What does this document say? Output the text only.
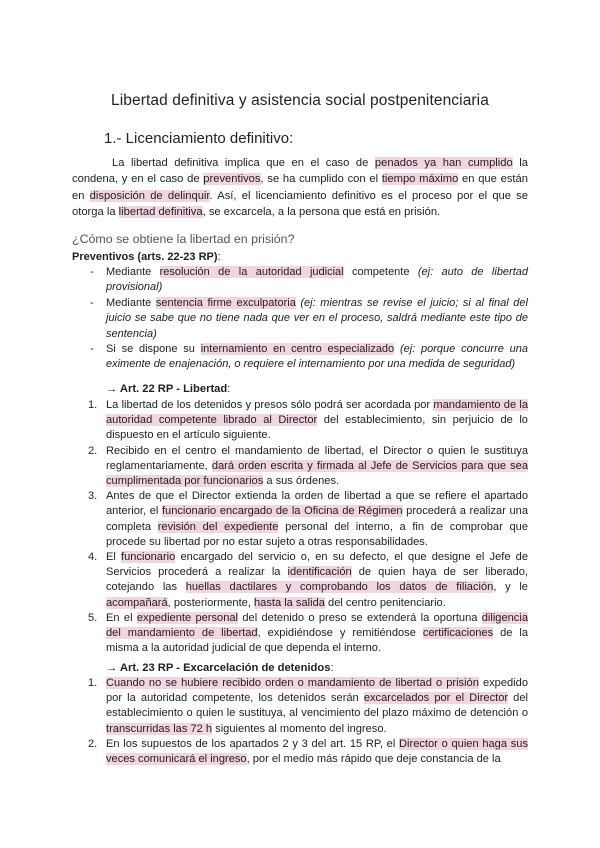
Libertad definitiva y asistencia social postpenitenciaria
1.- Licenciamiento definitivo:

La libertad definitiva implica que en el caso de penados ya han cumplido la condena, y en el caso de preventivos, se ha cumplido con el tiempo máximo en que están en disposición de delinquir. Así, el licenciamiento definitivo es el proceso por el que se otorga la libertad definitiva, se excarcela, a la persona que está en prisión.

¿Cómo se obtiene la libertad en prisión?
Preventivos (arts. 22-23 RP):
- Mediante resolución de la autoridad judicial competente (ej: auto de libertad provisional)
- Mediante sentencia firme exculpatoria (ej: mientras se revise el juicio; si al final del juicio se sabe que no tiene nada que ver en el proceso, saldrá mediante este tipo de sentencia)
- Si se dispone su internamiento en centro especializado (ej: porque concurre una eximente de enajenación, o requiere el internamiento por una medida de seguridad)
→ Art. 22 RP - Libertad:
1. La libertad de los detenidos y presos sólo podrá ser acordada por mandamiento de la autoridad competente librado al Director del establecimiento, sin perjuicio de lo dispuesto en el artículo siguiente.
2. Recibido en el centro el mandamiento de libertad, el Director o quien le sustituya reglamentariamente, dará orden escrita y firmada al Jefe de Servicios para que sea cumplimentada por funcionarios a sus órdenes.
3. Antes de que el Director extienda la orden de libertad a que se refiere el apartado anterior, el funcionario encargado de la Oficina de Régimen procederá a realizar una completa revisión del expediente personal del interno, a fin de comprobar que procede su libertad por no estar sujeto a otras responsabilidades.
4. El funcionario encargado del servicio o, en su defecto, el que designe el Jefe de Servicios procederá a realizar la identificación de quien haya de ser liberado, cotejando las huellas dactilares y comprobando los datos de filiación, y le acompañará, posteriormente, hasta la salida del centro penitenciario.
5. En el expediente personal del detenido o preso se extenderá la oportuna diligencia del mandamiento de libertad, expidiéndose y remitiéndose certificaciones de la misma a la autoridad judicial de que dependa el interno.
→ Art. 23 RP - Excarcelación de detenidos:
1. Cuando no se hubiere recibido orden o mandamiento de libertad o prisión expedido por la autoridad competente, los detenidos serán excarcelados por el Director del establecimiento o quien le sustituya, al vencimiento del plazo máximo de detención o transcurridas las 72 h siguientes al momento del ingreso.
2. En los supuestos de los apartados 2 y 3 del art. 15 RP, el Director o quien haga sus veces comunicará el ingreso, por el medio más rápido que deje constancia de la
